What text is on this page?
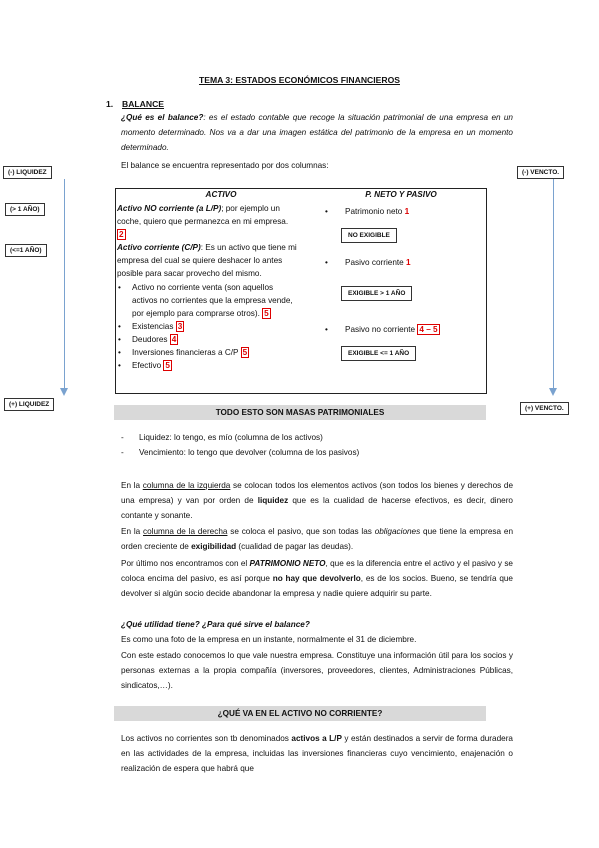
TEMA 3: ESTADOS ECONÓMICOS FINANCIEROS
1. BALANCE
¿Qué es el balance?: es el estado contable que recoge la situación patrimonial de una empresa en un momento determinado. Nos va a dar una imagen estática del patrimonio de la empresa en un momento determinado.
El balance se encuentra representado por dos columnas:
(-) LIQUIDEZ
(> 1 AÑO)
(<=1 AÑO)
(+) LIQUIDEZ
(-) VENCTO.
(+) VENCTO.
ACTIVO	P. NETO Y PASIVO
Activo NO corriente (a L/P); por ejemplo un coche, quiero que permanezca en mi empresa. 2
Activo corriente (C/P): Es un activo que tiene mi empresa del cual se quiere deshacer lo antes posible para sacar provecho del mismo.
•	Activo no corriente venta (son aquellos activos no corrientes que la empresa vende, por ejemplo para comprarse otros). 5
•	Existencias 3
•	Deudores 4
•	Inversiones financieras a C/P 5
•	Efectivo 5
• Patrimonio neto 1
NO EXIGIBLE
• Pasivo corriente 1
EXIGIBLE > 1 AÑO
• Pasivo no corriente 4 – 5
EXIGIBLE <= 1 AÑO
TODO ESTO SON MASAS PATRIMONIALES
-	Liquidez: lo tengo, es mío (columna de los activos)
-	Vencimiento: lo tengo que devolver (columna de los pasivos)
En la columna de la izquierda se colocan todos los elementos activos (son todos los bienes y derechos de una empresa) y van por orden de liquidez que es la cualidad de hacerse efectivos, es decir, dinero contante y sonante.
En la columna de la derecha se coloca el pasivo, que son todas las obligaciones que tiene la empresa en orden creciente de exigibilidad (cualidad de pagar las deudas).
Por último nos encontramos con el PATRIMONIO NETO, que es la diferencia entre el activo y el pasivo y se coloca encima del pasivo, es así porque no hay que devolverlo, es de los socios. Bueno, se tendría que devolver si algún socio decide abandonar la empresa y nadie quiere adquirir su parte.
¿Qué utilidad tiene? ¿Para qué sirve el balance?
Es como una foto de la empresa en un instante, normalmente el 31 de diciembre.
Con este estado conocemos lo que vale nuestra empresa. Constituye una información útil para los socios y personas externas a la propia compañía (inversores, proveedores, clientes, Administraciones Públicas, sindicatos,…).
¿QUÉ VA EN EL ACTIVO NO CORRIENTE?
Los activos no corrientes son tb denominados activos a L/P y están destinados a servir de forma duradera en las actividades de la empresa, incluidas las inversiones financieras cuyo vencimiento, enajenación o realización de espera que habrá que
